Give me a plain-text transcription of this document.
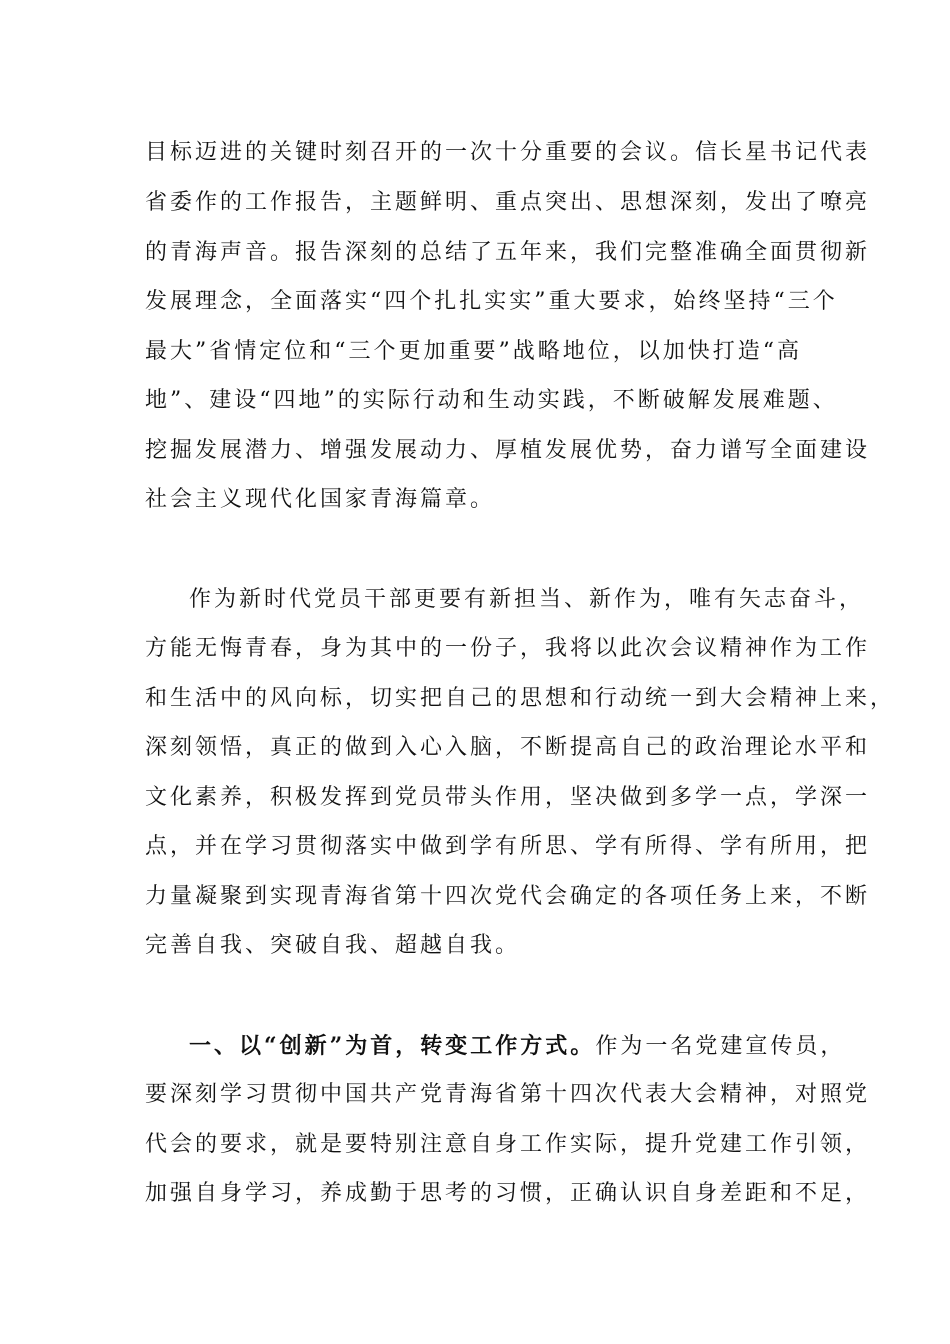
目标迈进的关键时刻召开的一次十分重要的会议。信长星书记代表
省委作的工作报告，主题鲜明、重点突出、思想深刻，发出了嘹亮
的青海声音。报告深刻的总结了五年来，我们完整准确全面贯彻新
发展理念，全面落实“四个扎扎实实”重大要求，始终坚持“三个
最大”省情定位和“三个更加重要”战略地位，以加快打造“高
地”、建设“四地”的实际行动和生动实践，不断破解发展难题、
挖掘发展潜力、增强发展动力、厚植发展优势，奋力谱写全面建设
社会主义现代化国家青海篇章。
作为新时代党员干部更要有新担当、新作为，唯有矢志奋斗，
方能无悔青春，身为其中的一份子，我将以此次会议精神作为工作
和生活中的风向标，切实把自己的思想和行动统一到大会精神上来，
深刻领悟，真正的做到入心入脑，不断提高自己的政治理论水平和
文化素养，积极发挥到党员带头作用，坚决做到多学一点，学深一
点，并在学习贯彻落实中做到学有所思、学有所得、学有所用，把
力量凝聚到实现青海省第十四次党代会确定的各项任务上来，不断
完善自我、突破自我、超越自我。
一、以“创新”为首，转变工作方式。作为一名党建宣传员，
要深刻学习贯彻中国共产党青海省第十四次代表大会精神，对照党
代会的要求，就是要特别注意自身工作实际，提升党建工作引领，
加强自身学习，养成勤于思考的习惯，正确认识自身差距和不足，
